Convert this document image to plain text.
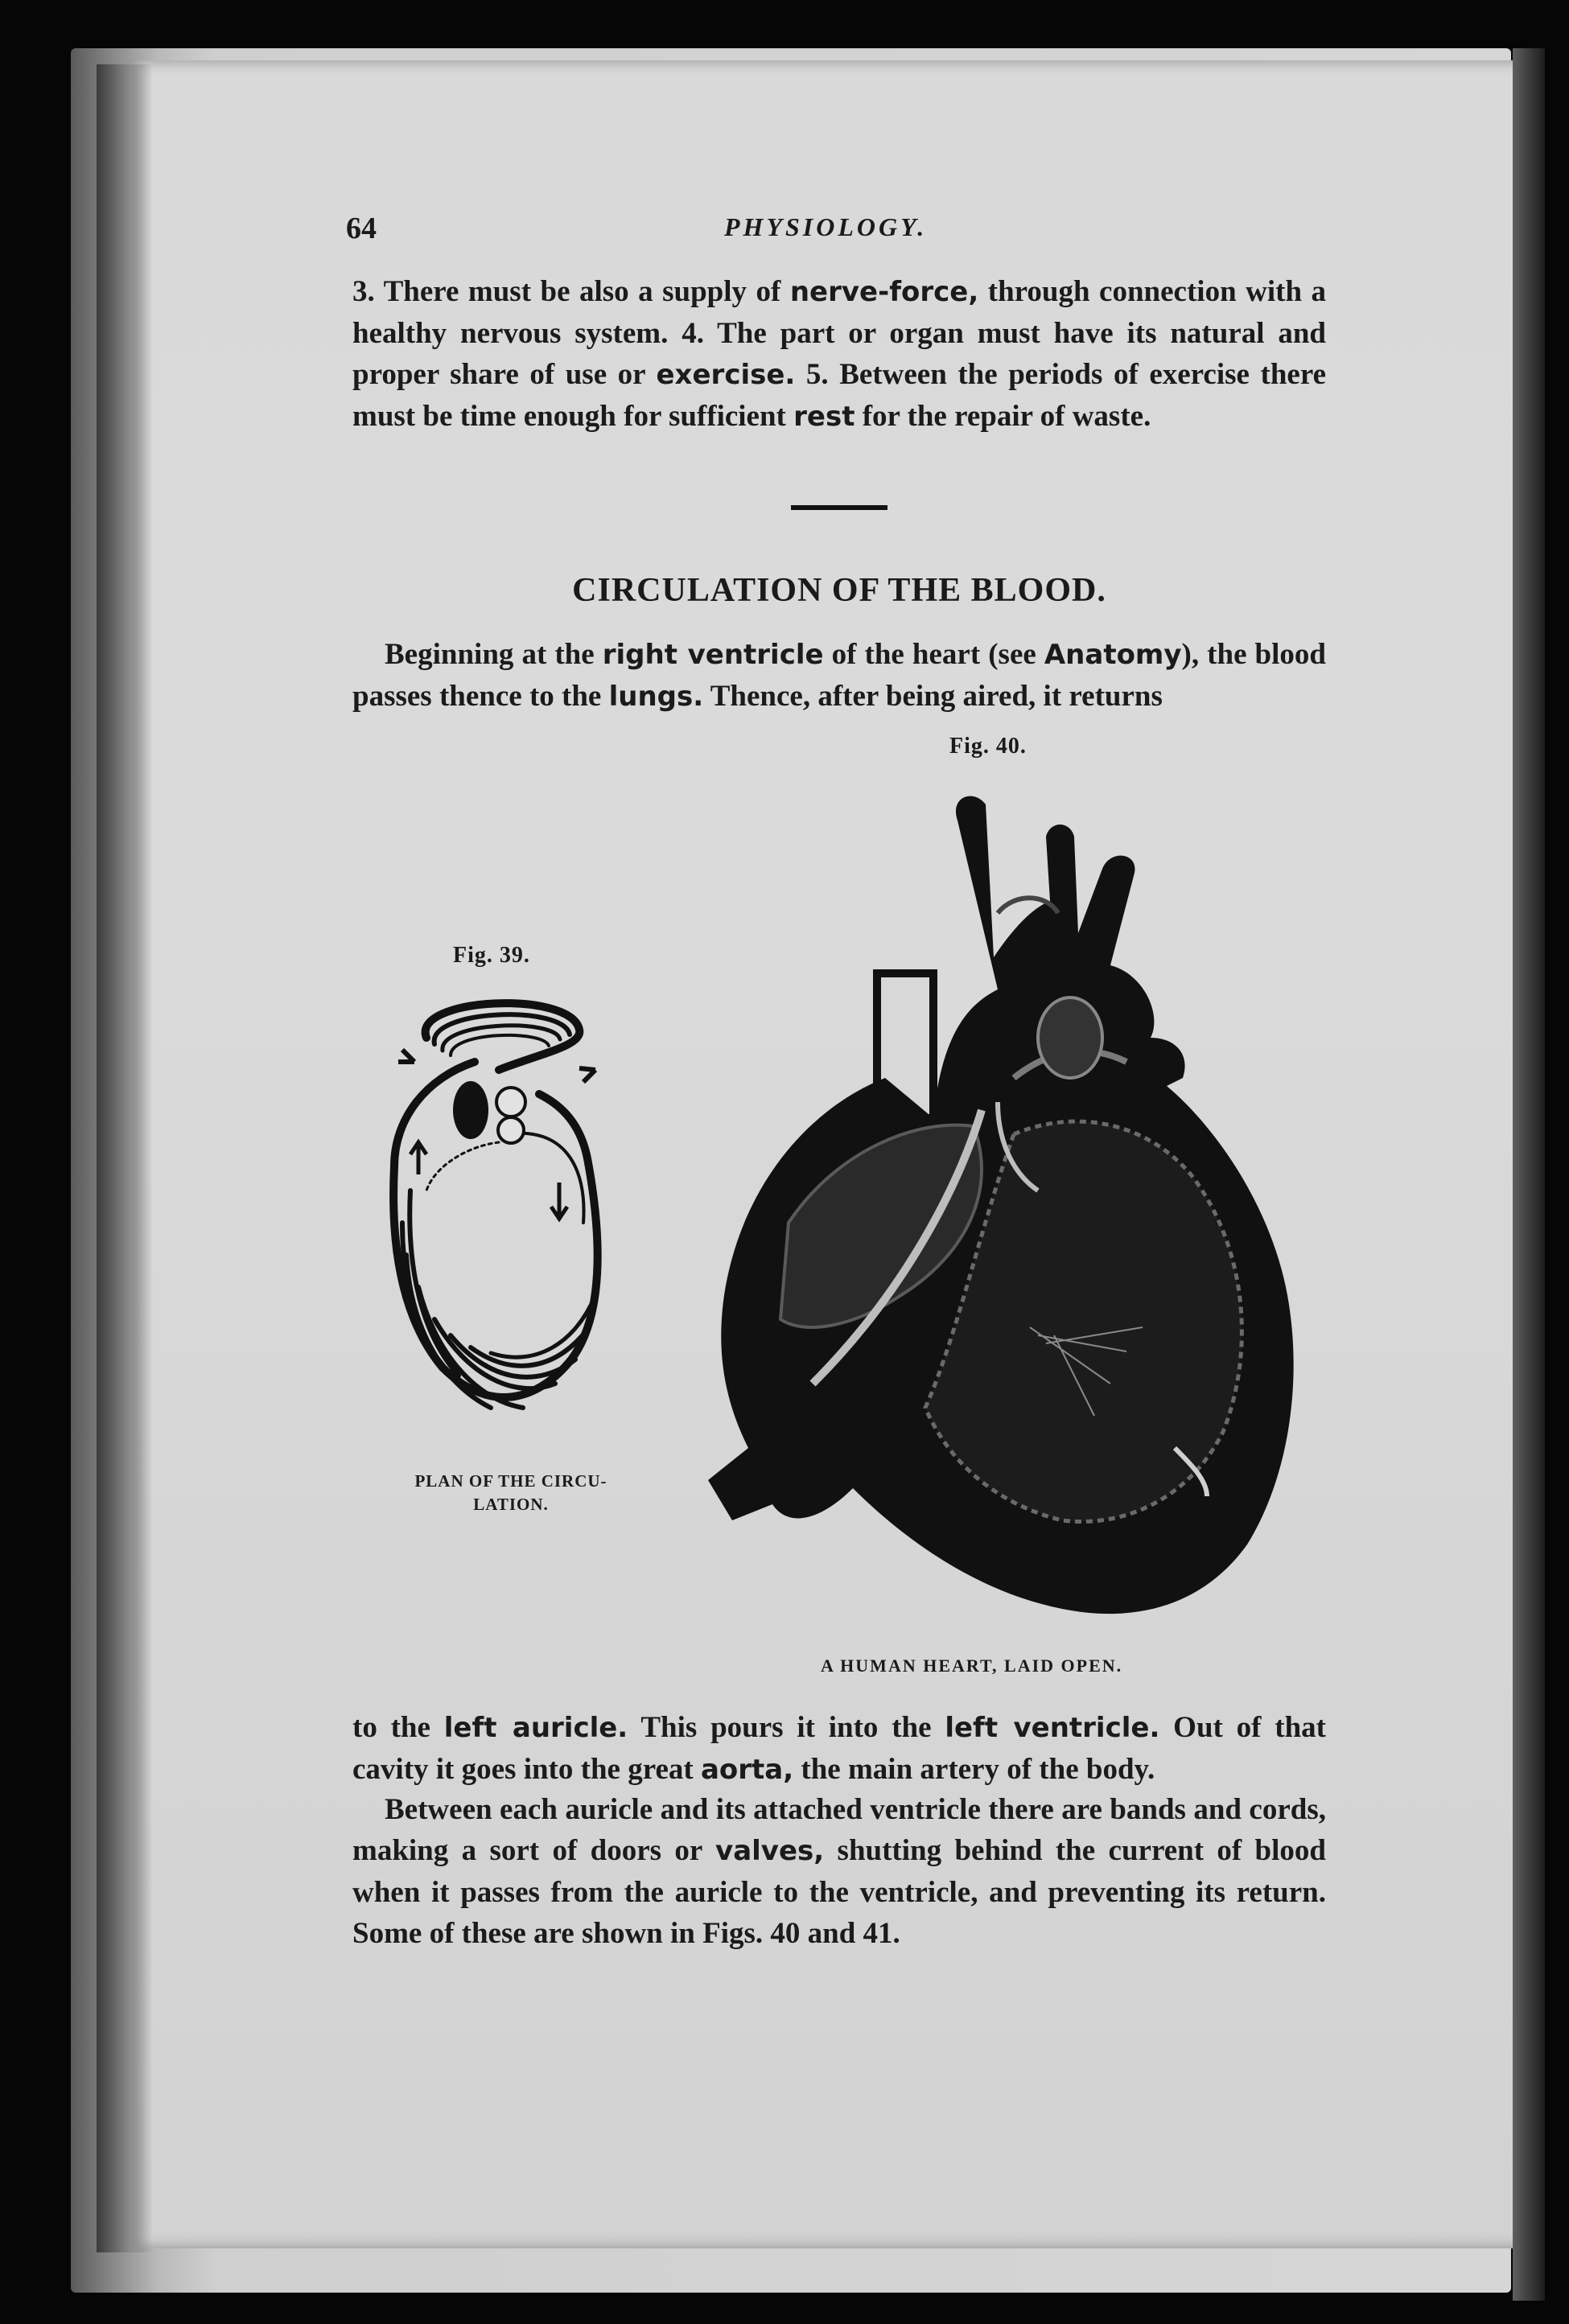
64	PHYSIOLOGY.
3. There must be also a supply of nerve-force, through connection with a healthy nervous system. 4. The part or organ must have its natural and proper share of use or exercise. 5. Between the periods of exercise there must be time enough for sufficient rest for the repair of waste.
CIRCULATION OF THE BLOOD.
Beginning at the right ventricle of the heart (see Anatomy), the blood passes thence to the lungs. Thence, after being aired, it returns
Fig. 40.
Fig. 39.
PLAN OF THE CIRCU-
LATION.
A HUMAN HEART, LAID OPEN.
to the left auricle. This pours it into the left ventricle. Out of that cavity it goes into the great aorta, the main artery of the body.
Between each auricle and its attached ventricle there are bands and cords, making a sort of doors or valves, shutting behind the current of blood when it passes from the auricle to the ventricle, and preventing its return. Some of these are shown in Figs. 40 and 41.
